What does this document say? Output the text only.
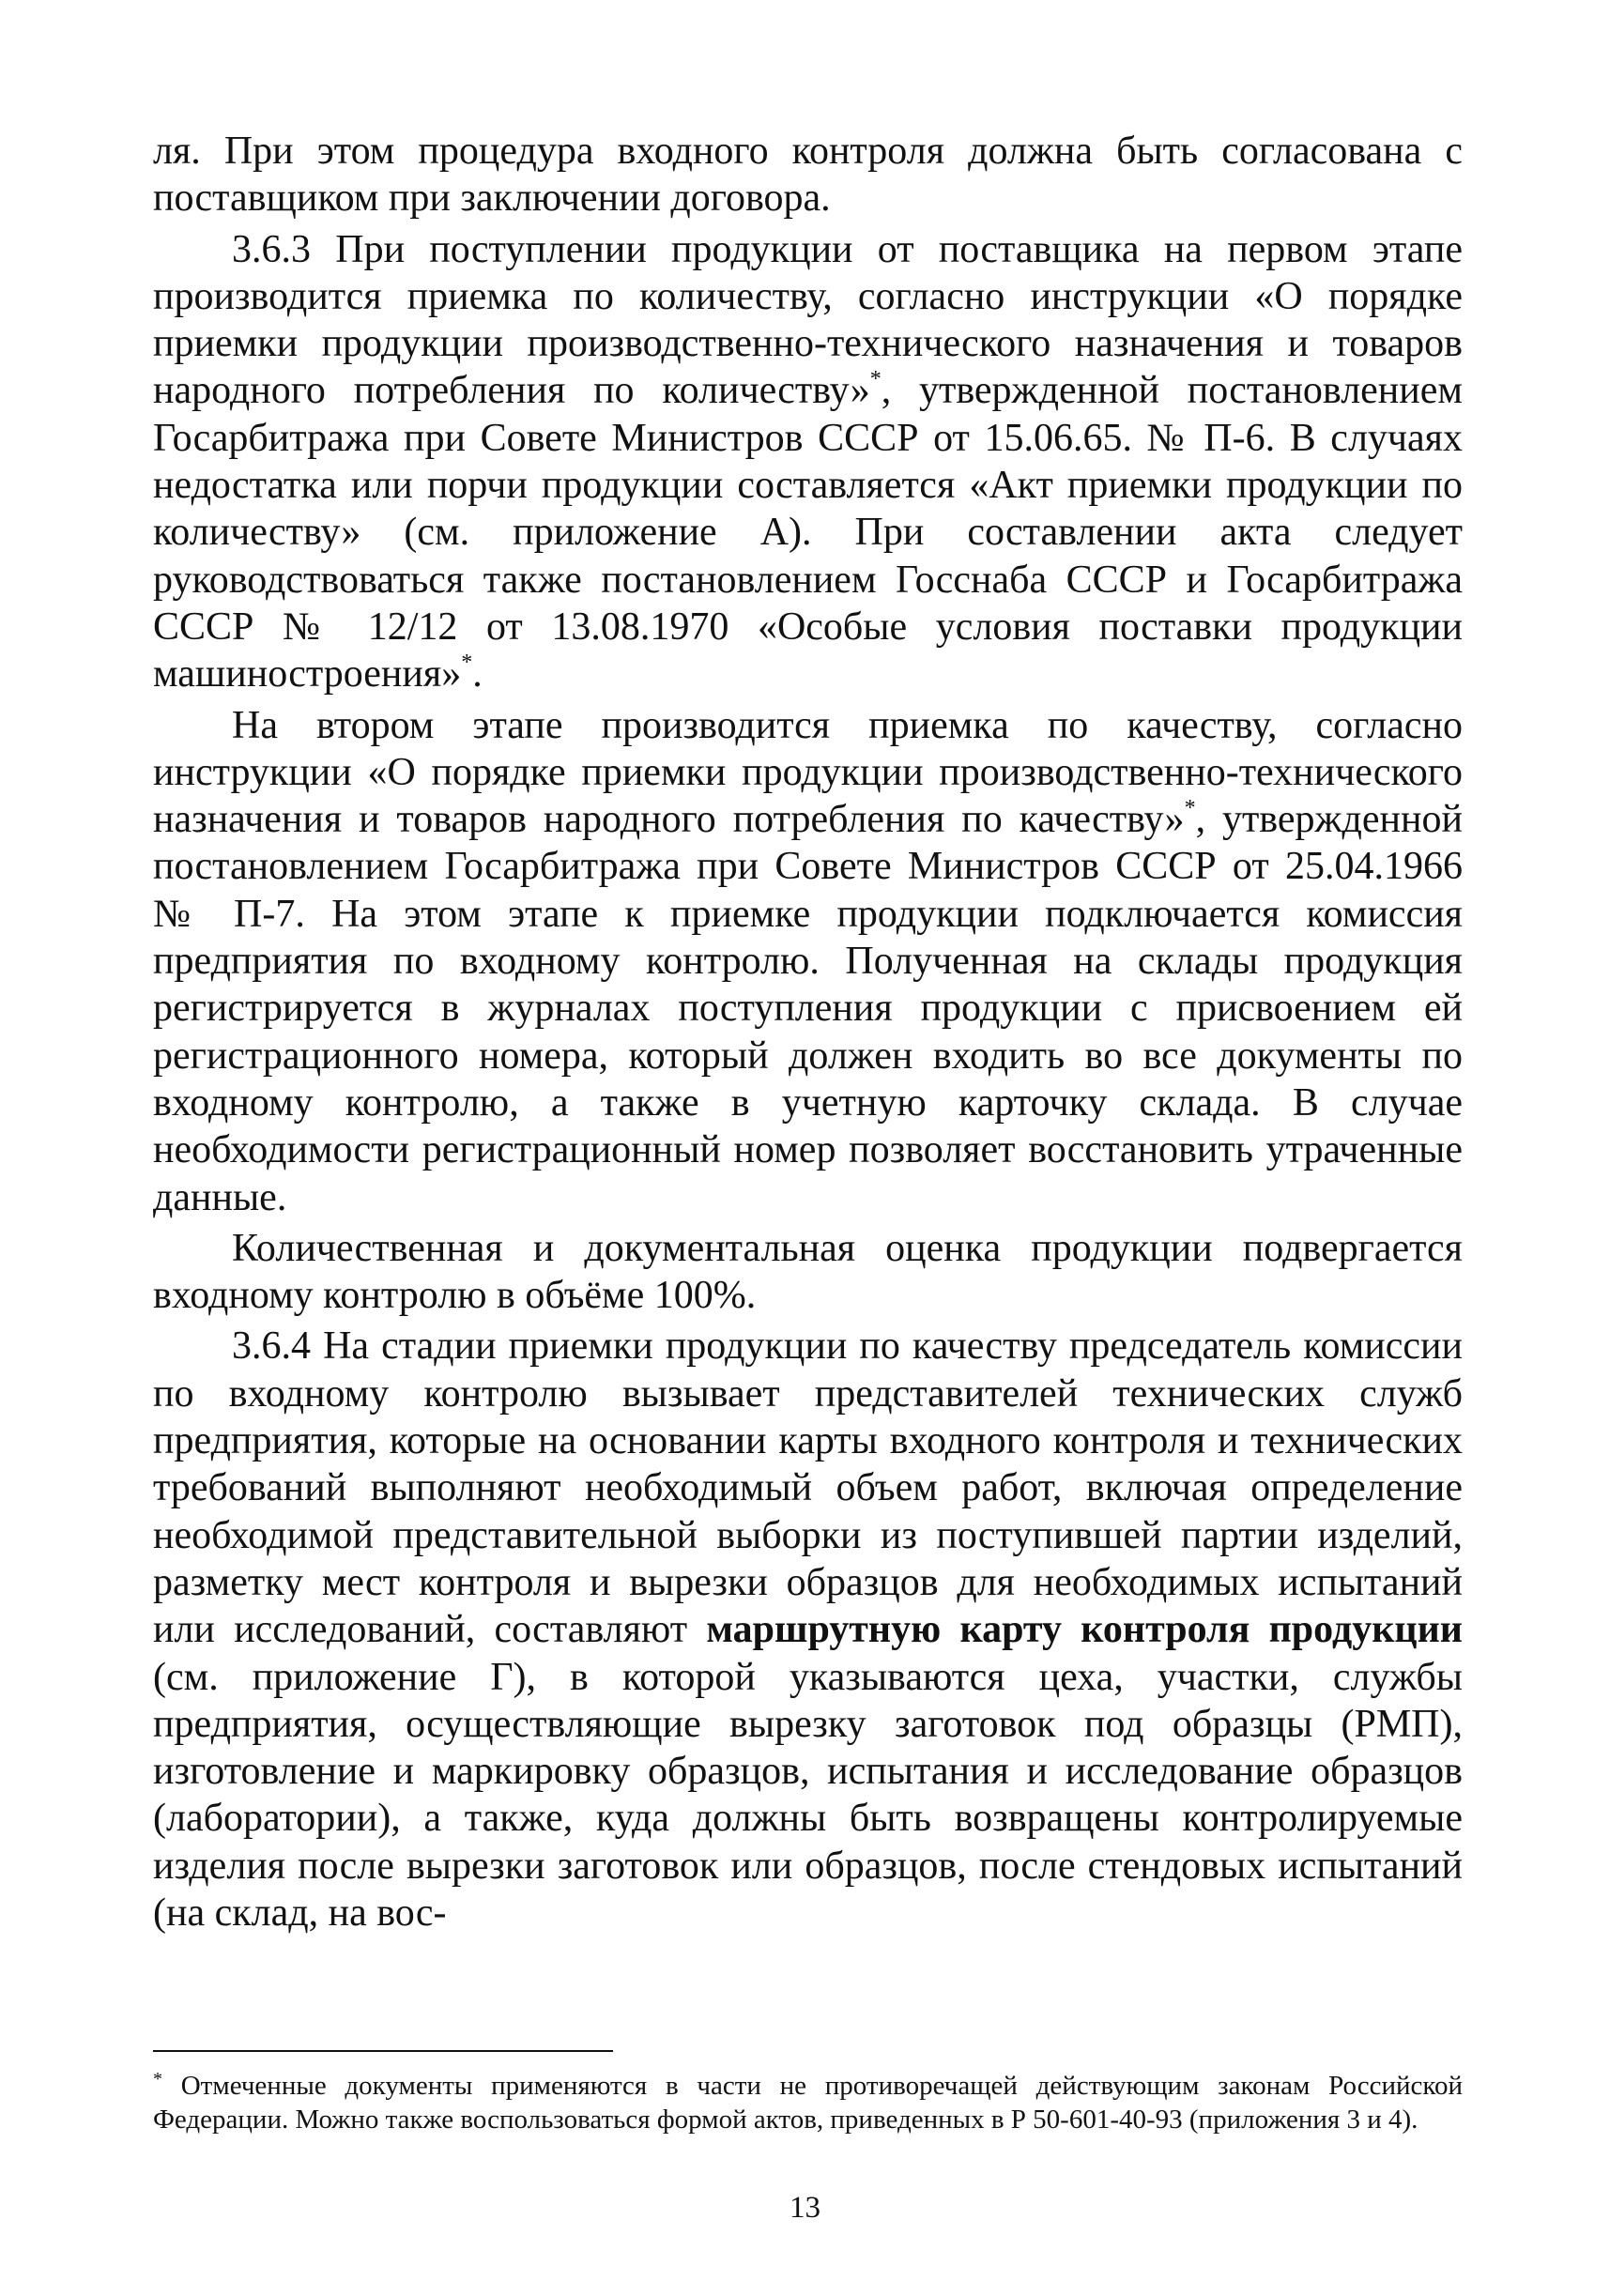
ля. При этом процедура входного контроля должна быть согласована с поставщиком при заключении договора.

3.6.3 При поступлении продукции от поставщика на первом этапе производится приемка по количеству, согласно инструкции «О порядке приемки продукции производственно-технического назначения и товаров народного потребления по количеству»*, утвержденной постановлением Госарбитража при Совете Министров СССР от 15.06.65. № П-6. В случаях недостатка или порчи продукции составляется «Акт приемки продукции по количеству» (см. приложение А). При составлении акта следует руководствоваться также постановлением Госснаба СССР и Госарбитража СССР № 12/12 от 13.08.1970 «Особые условия поставки продукции машиностроения»*.

На втором этапе производится приемка по качеству, согласно инструкции «О порядке приемки продукции производственно-технического назначения и товаров народного потребления по качеству»*, утвержденной постановлением Госарбитража при Совете Министров СССР от 25.04.1966 № П-7. На этом этапе к приемке продукции подключается комиссия предприятия по входному контролю. Полученная на склады продукция регистрируется в журналах поступления продукции с присвоением ей регистрационного номера, который должен входить во все документы по входному контролю, а также в учетную карточку склада. В случае необходимости регистрационный номер позволяет восстановить утраченные данные.

Количественная и документальная оценка продукции подвергается входному контролю в объёме 100%.

3.6.4 На стадии приемки продукции по качеству председатель комиссии по входному контролю вызывает представителей технических служб предприятия, которые на основании карты входного контроля и технических требований выполняют необходимый объем работ, включая определение необходимой представительной выборки из поступившей партии изделий, разметку мест контроля и вырезки образцов для необходимых испытаний или исследований, составляют маршрутную карту контроля продукции (см. приложение Г), в которой указываются цеха, участки, службы предприятия, осуществляющие вырезку заготовок под образцы (РМП), изготовление и маркировку образцов, испытания и исследование образцов (лаборатории), а также, куда должны быть возвращены контролируемые изделия после вырезки заготовок или образцов, после стендовых испытаний (на склад, на вос-

* Отмеченные документы применяются в части не противоречащей действующим законам Российской Федерации. Можно также воспользоваться формой актов, приведенных в Р 50-601-40-93 (приложения 3 и 4).

13
